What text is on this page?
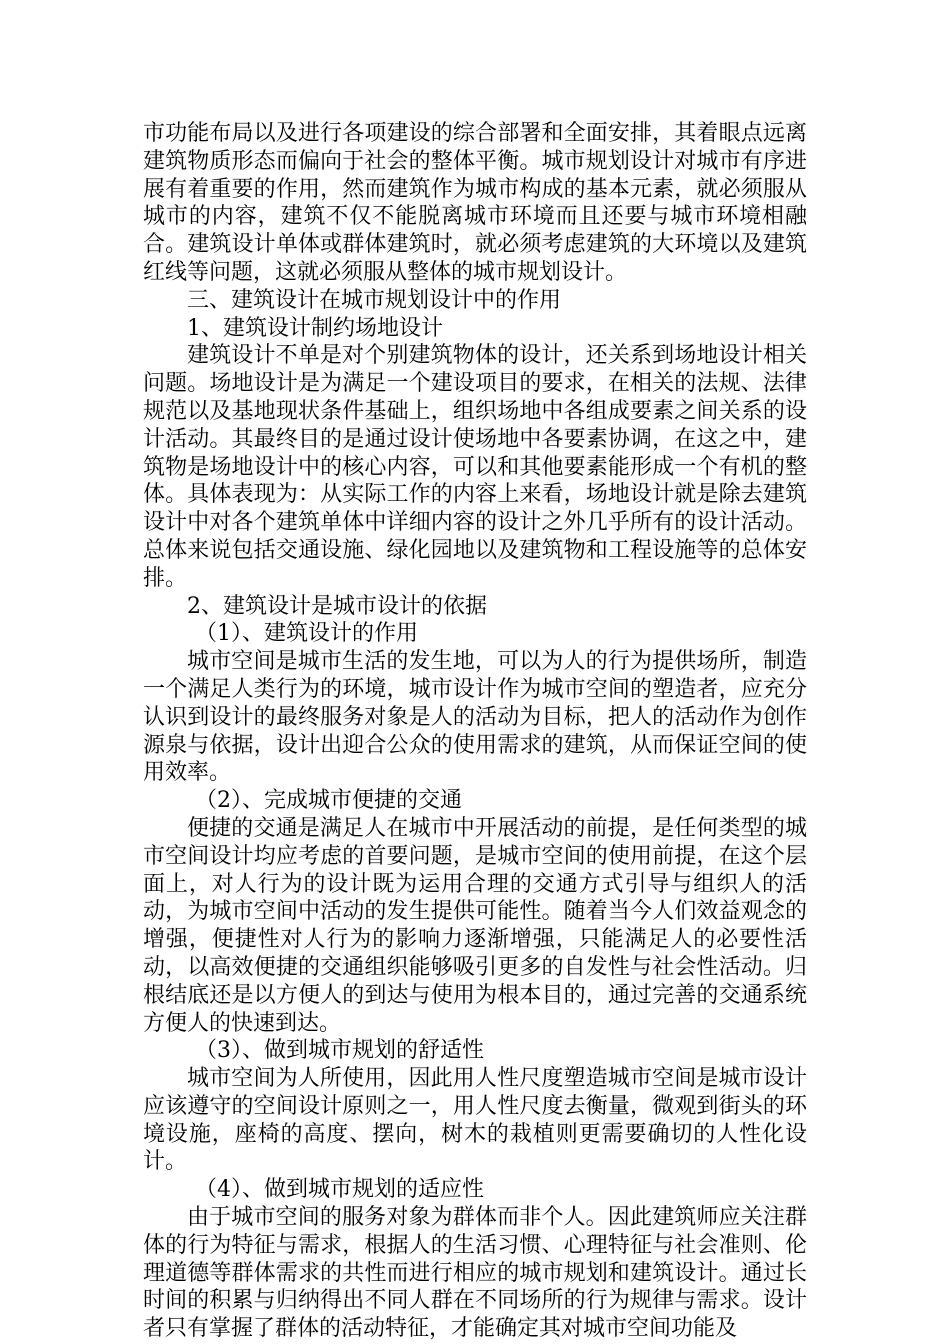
市功能布局以及进行各项建设的综合部署和全面安排，其着眼点远离建筑物质形态而偏向于社会的整体平衡。城市规划设计对城市有序进展有着重要的作用，然而建筑作为城市构成的基本元素，就必须服从城市的内容，建筑不仅不能脱离城市环境而且还要与城市环境相融合。建筑设计单体或群体建筑时，就必须考虑建筑的大环境以及建筑红线等问题，这就必须服从整体的城市规划设计。

三、建筑设计在城市规划设计中的作用

1、建筑设计制约场地设计

建筑设计不单是对个别建筑物体的设计，还关系到场地设计相关问题。场地设计是为满足一个建设项目的要求，在相关的法规、法律规范以及基地现状条件基础上，组织场地中各组成要素之间关系的设计活动。其最终目的是通过设计使场地中各要素协调，在这之中，建筑物是场地设计中的核心内容，可以和其他要素能形成一个有机的整体。具体表现为：从实际工作的内容上来看，场地设计就是除去建筑设计中对各个建筑单体中详细内容的设计之外几乎所有的设计活动。总体来说包括交通设施、绿化园地以及建筑物和工程设施等的总体安排。

2、建筑设计是城市设计的依据

（1）、建筑设计的作用

城市空间是城市生活的发生地，可以为人的行为提供场所，制造一个满足人类行为的环境，城市设计作为城市空间的塑造者，应充分认识到设计的最终服务对象是人的活动为目标，把人的活动作为创作源泉与依据，设计出迎合公众的使用需求的建筑，从而保证空间的使用效率。

（2）、完成城市便捷的交通

便捷的交通是满足人在城市中开展活动的前提，是任何类型的城市空间设计均应考虑的首要问题，是城市空间的使用前提，在这个层面上，对人行为的设计既为运用合理的交通方式引导与组织人的活动，为城市空间中活动的发生提供可能性。随着当今人们效益观念的增强，便捷性对人行为的影响力逐渐增强，只能满足人的必要性活动，以高效便捷的交通组织能够吸引更多的自发性与社会性活动。归根结底还是以方便人的到达与使用为根本目的，通过完善的交通系统方便人的快速到达。

（3）、做到城市规划的舒适性

城市空间为人所使用，因此用人性尺度塑造城市空间是城市设计应该遵守的空间设计原则之一，用人性尺度去衡量，微观到街头的环境设施，座椅的高度、摆向，树木的栽植则更需要确切的人性化设计。

（4）、做到城市规划的适应性

由于城市空间的服务对象为群体而非个人。因此建筑师应关注群体的行为特征与需求，根据人的生活习惯、心理特征与社会准则、伦理道德等群体需求的共性而进行相应的城市规划和建筑设计。通过长时间的积累与归纳得出不同人群在不同场所的行为规律与需求。设计者只有掌握了群体的活动特征，才能确定其对城市空间功能及
